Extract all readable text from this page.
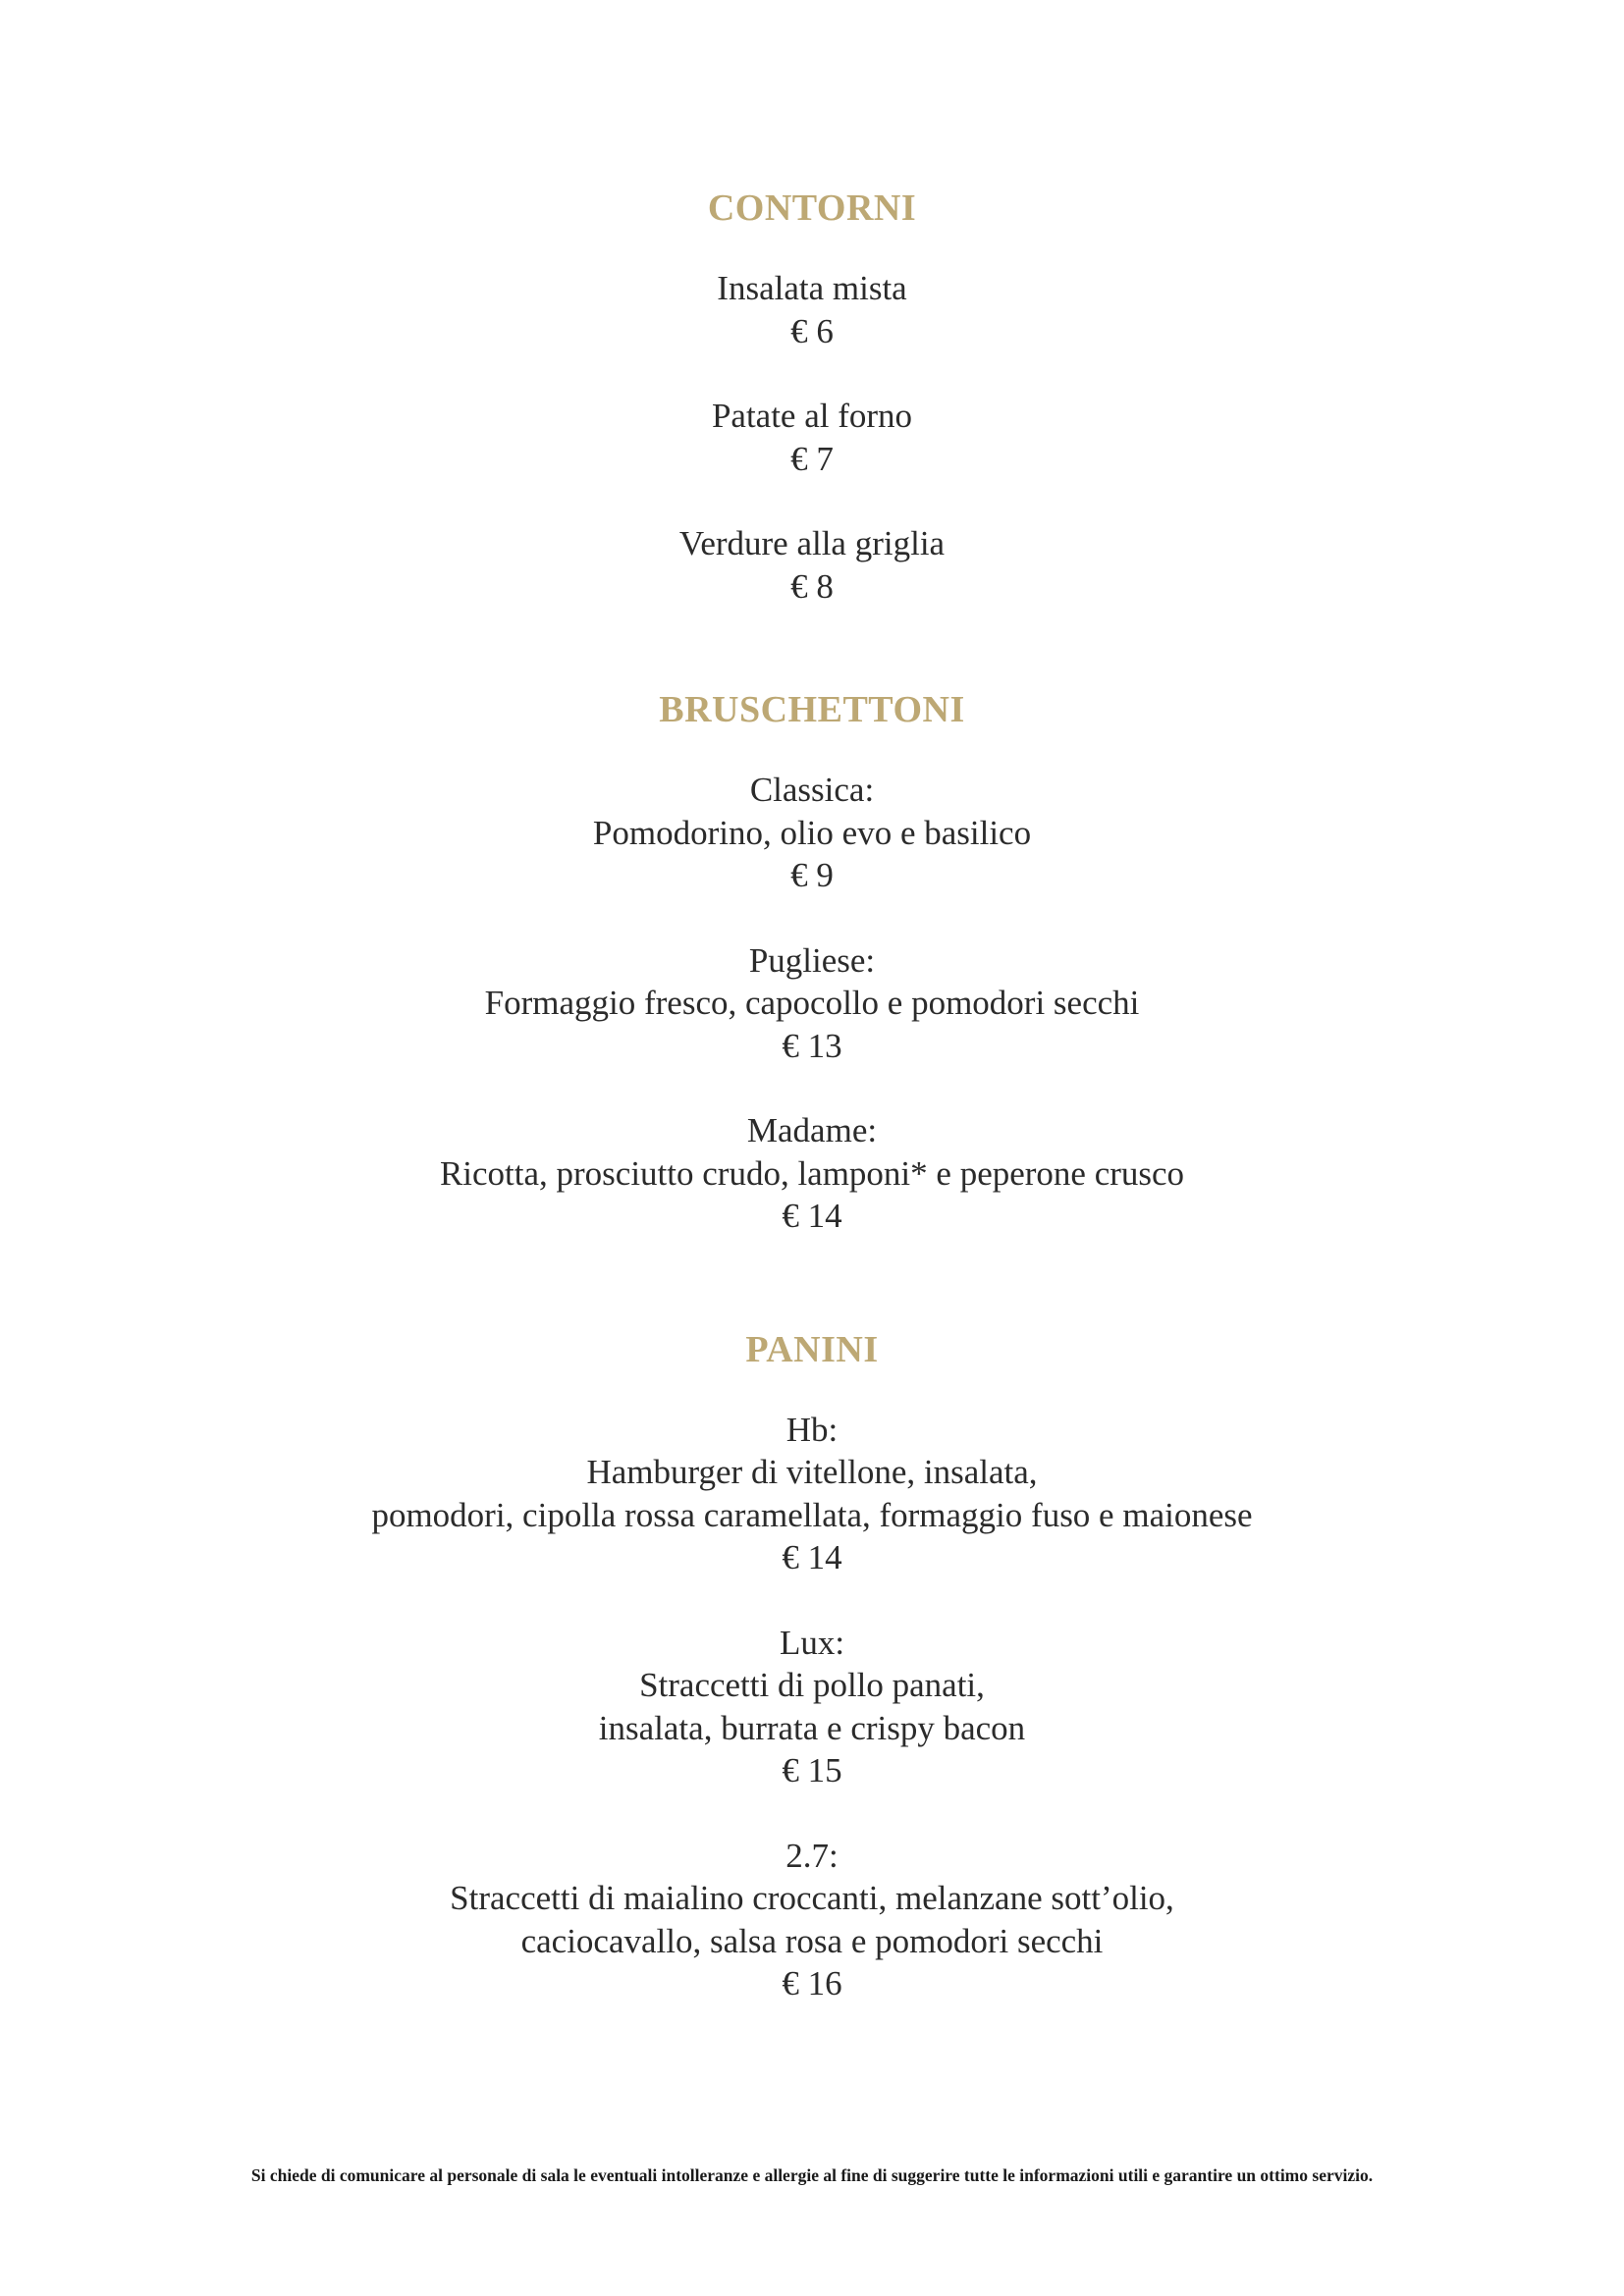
CONTORNI
Insalata mista
€ 6
Patate al forno
€ 7
Verdure alla griglia
€ 8
BRUSCHETTONI
Classica:
Pomodorino, olio evo e basilico
€ 9
Pugliese:
Formaggio fresco, capocollo e pomodori secchi
€ 13
Madame:
Ricotta, prosciutto crudo, lamponi* e peperone crusco
€ 14
PANINI
Hb:
Hamburger di vitellone, insalata,
pomodori, cipolla rossa caramellata, formaggio fuso e maionese
€ 14
Lux:
Straccetti di pollo panati,
insalata, burrata e crispy bacon
€ 15
2.7:
Straccetti di maialino croccanti, melanzane sott’olio,
caciocavallo, salsa rosa e pomodori secchi
€ 16
Si chiede di comunicare al personale di sala le eventuali intolleranze e allergie al fine di suggerire tutte le informazioni utili e garantire un ottimo servizio.
